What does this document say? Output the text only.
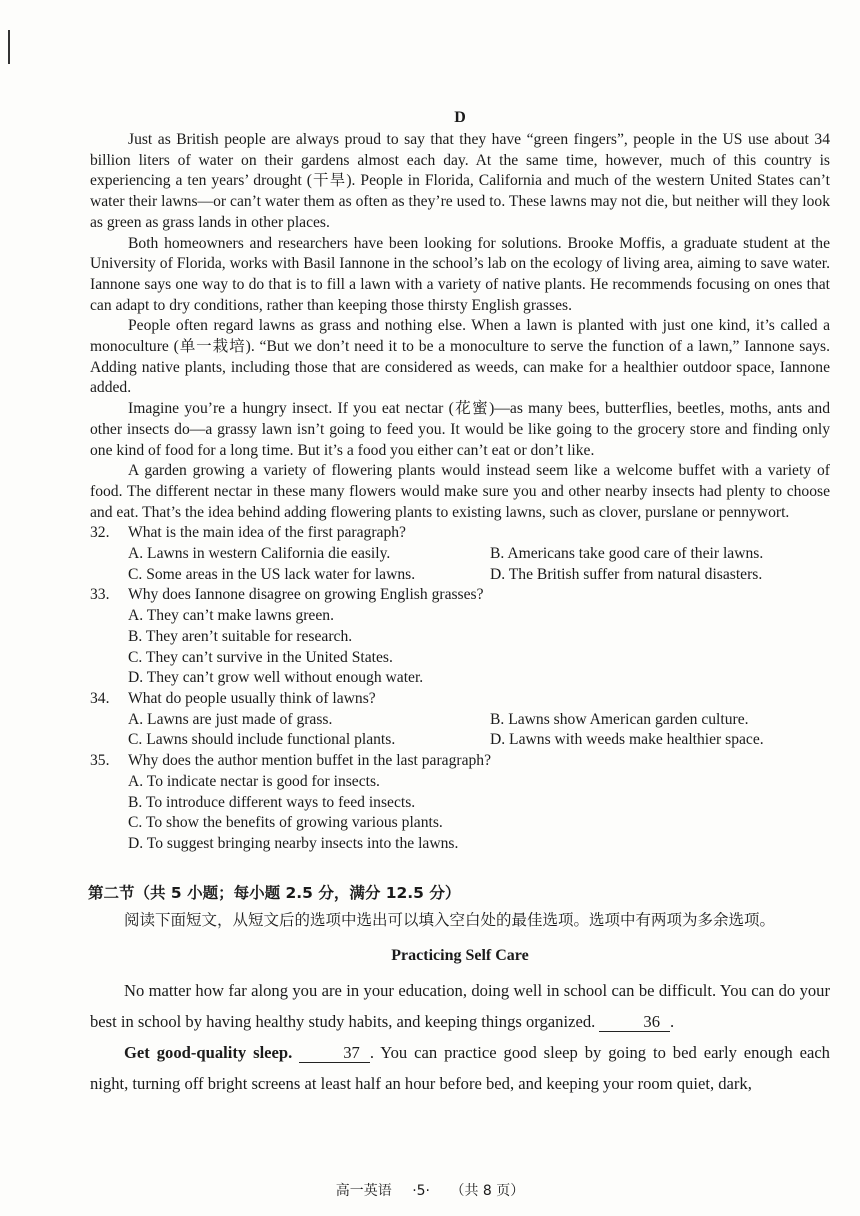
D

Just as British people are always proud to say that they have “green fingers”, people in the US use about 34 billion liters of water on their gardens almost each day. At the same time, however, much of this country is experiencing a ten years’ drought (干旱). People in Florida, California and much of the western United States can’t water their lawns—or can’t water them as often as they’re used to. These lawns may not die, but neither will they look as green as grass lands in other places.

Both homeowners and researchers have been looking for solutions. Brooke Moffis, a graduate student at the University of Florida, works with Basil Iannone in the school’s lab on the ecology of living area, aiming to save water. Iannone says one way to do that is to fill a lawn with a variety of native plants. He recommends focusing on ones that can adapt to dry conditions, rather than keeping those thirsty English grasses.

People often regard lawns as grass and nothing else. When a lawn is planted with just one kind, it’s called a monoculture (单一栽培). “But we don’t need it to be a monoculture to serve the function of a lawn,” Iannone says. Adding native plants, including those that are considered as weeds, can make for a healthier outdoor space, Iannone added.

Imagine you’re a hungry insect. If you eat nectar (花蜜)—as many bees, butterflies, beetles, moths, ants and other insects do—a grassy lawn isn’t going to feed you. It would be like going to the grocery store and finding only one kind of food for a long time. But it’s a food you either can’t eat or don’t like.

A garden growing a variety of flowering plants would instead seem like a welcome buffet with a variety of food. The different nectar in these many flowers would make sure you and other nearby insects had plenty to choose and eat. That’s the idea behind adding flowering plants to existing lawns, such as clover, purslane or pennywort.

32.	What is the main idea of the first paragraph?
A. Lawns in western California die easily.	B. Americans take good care of their lawns.
C. Some areas in the US lack water for lawns.	D. The British suffer from natural disasters.
33.	Why does Iannone disagree on growing English grasses?
A. They can’t make lawns green.
B. They aren’t suitable for research.
C. They can’t survive in the United States.
D. They can’t grow well without enough water.
34.	What do people usually think of lawns?
A. Lawns are just made of grass.	B. Lawns show American garden culture.
C. Lawns should include functional plants.	D. Lawns with weeds make healthier space.
35.	Why does the author mention buffet in the last paragraph?
A. To indicate nectar is good for insects.
B. To introduce different ways to feed insects.
C. To show the benefits of growing various plants.
D. To suggest bringing nearby insects into the lawns.
第二节（共 5 小题；每小题 2.5 分，满分 12.5 分）
阅读下面短文，从短文后的选项中选出可以填入空白处的最佳选项。选项中有两项为多余选项。
Practicing Self Care

No matter how far along you are in your education, doing well in school can be difficult. You can do your best in school by having healthy study habits, and keeping things organized.	36 .

Get good-quality sleep.	37 . You can practice good sleep by going to bed early enough each night, turning off bright screens at least half an hour before bed, and keeping your room quiet, dark,

高一英语 ·5· （共 8 页）
